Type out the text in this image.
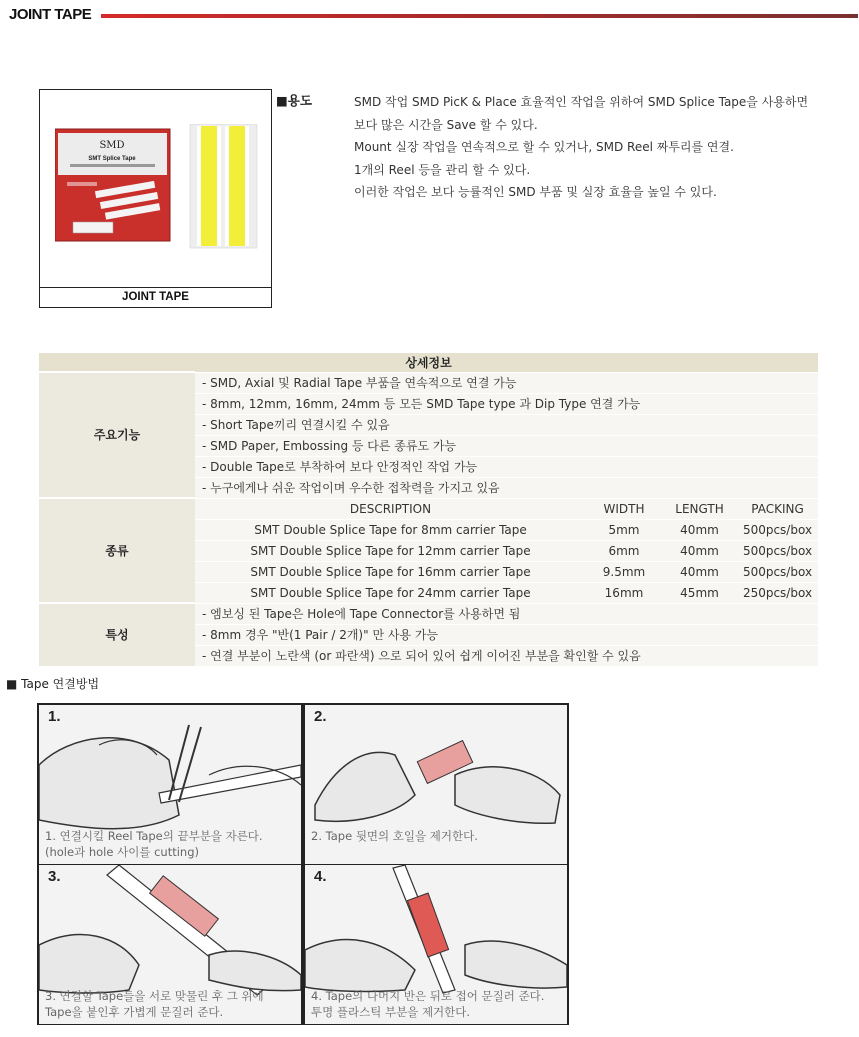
JOINT TAPE
SMD
SMT Splice Tape
JOINT TAPE
■용도	SMD 작업 SMD PicK & Place 효율적인 작업을 위하여 SMD Splice Tape을 사용하면
보다 많은 시간을 Save 할 수 있다.
Mount 실장 작업을 연속적으로 할 수 있거나, SMD Reel 짜투리를 연결.
1개의 Reel 등을 관리 할 수 있다.
이러한 작업은 보다 능률적인 SMD 부품 및 실장 효율을 높일 수 있다.
상세정보
주요기능	- SMD, Axial 및 Radial Tape 부품을 연속적으로 연결 가능
- 8mm, 12mm, 16mm, 24mm 등 모든 SMD Tape type 과 Dip Type 연결 가능
- Short Tape끼리 연결시킬 수 있음
- SMD Paper, Embossing 등 다른 종류도 가능
- Double Tape로 부착하여 보다 안정적인 작업 가능
- 누구에게나 쉬운 작업이며 우수한 접착력을 가지고 있음
종류	
DESCRIPTION	WIDTH	LENGTH	PACKING
SMT Double Splice Tape for 8mm carrier Tape	5mm	40mm	500pcs/box
SMT Double Splice Tape for 12mm carrier Tape	6mm	40mm	500pcs/box
SMT Double Splice Tape for 16mm carrier Tape	9.5mm	40mm	500pcs/box
SMT Double Splice Tape for 24mm carrier Tape	16mm	45mm	250pcs/box

특성	- 엠보싱 된 Tape은 Hole에 Tape Connector를 사용하면 됨
- 8mm 경우 "반(1 Pair / 2개)" 만 사용 가능
- 연결 부분이 노란색 (or 파란색) 으로 되어 있어 쉽게 이어진 부분을 확인할 수 있음
■ Tape 연결방법
1.
1. 연결시킬 Reel Tape의 끝부분을 자른다.
(hole과 hole 사이를 cutting)
2.
2. Tape 뒷면의 호일을 제거한다.
3.
3. 연결할 Tape들을 서로 맞물린 후 그 위에
Tape을 붙인후 가볍게 문질러 준다.
4.
4. Tape의 나머지 반은 뒤로 접어 문질러 준다.
투명 플라스틱 부분을 제거한다.
